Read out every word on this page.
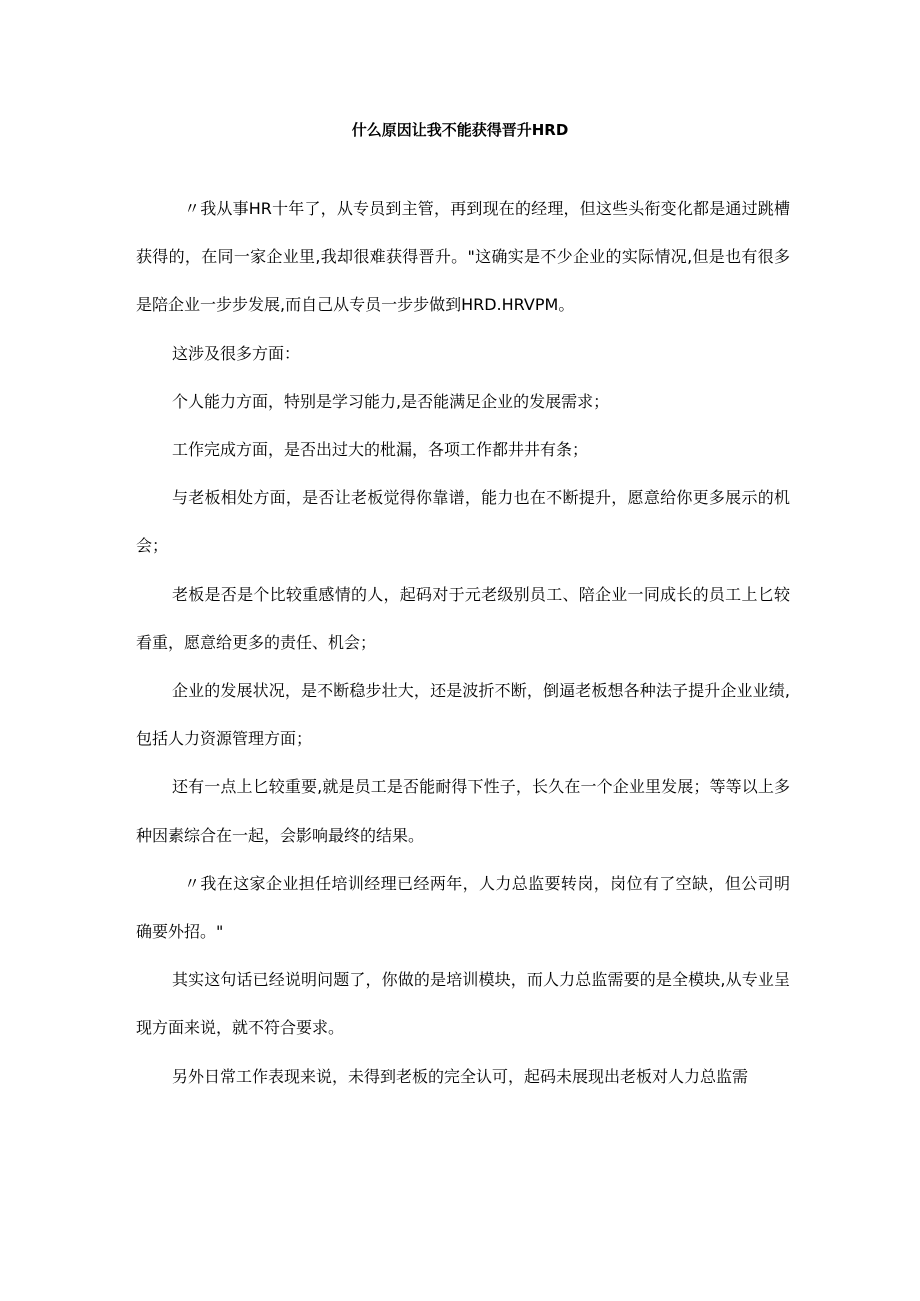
什么原因让我不能获得晋升HRD

〃我从事HR十年了，从专员到主管，再到现在的经理，但这些头衔变化都是通过跳槽获得的，在同一家企业里,我却很难获得晋升。"这确实是不少企业的实际情况,但是也有很多是陪企业一步步发展,而自己从专员一步步做到HRD.HRVPM。

这涉及很多方面：

个人能力方面，特别是学习能力,是否能满足企业的发展需求；

工作完成方面，是否出过大的枇漏，各项工作都井井有条；

与老板相处方面，是否让老板觉得你靠谱，能力也在不断提升，愿意给你更多展示的机会；

老板是否是个比较重感情的人，起码对于元老级别员工、陪企业一同成长的员工上匕较看重，愿意给更多的责任、机会；

企业的发展状况，是不断稳步壮大，还是波折不断，倒逼老板想各种法子提升企业业绩,包括人力资源管理方面；

还有一点上匕较重要,就是员工是否能耐得下性子，长久在一个企业里发展；等等以上多种因素综合在一起，会影响最终的结果。

〃我在这家企业担任培训经理已经两年，人力总监要转岗，岗位有了空缺，但公司明确要外招。"

其实这句话已经说明问题了，你做的是培训模块，而人力总监需要的是全模块,从专业呈现方面来说，就不符合要求。

另外日常工作表现来说，未得到老板的完全认可，起码未展现出老板对人力总监需
